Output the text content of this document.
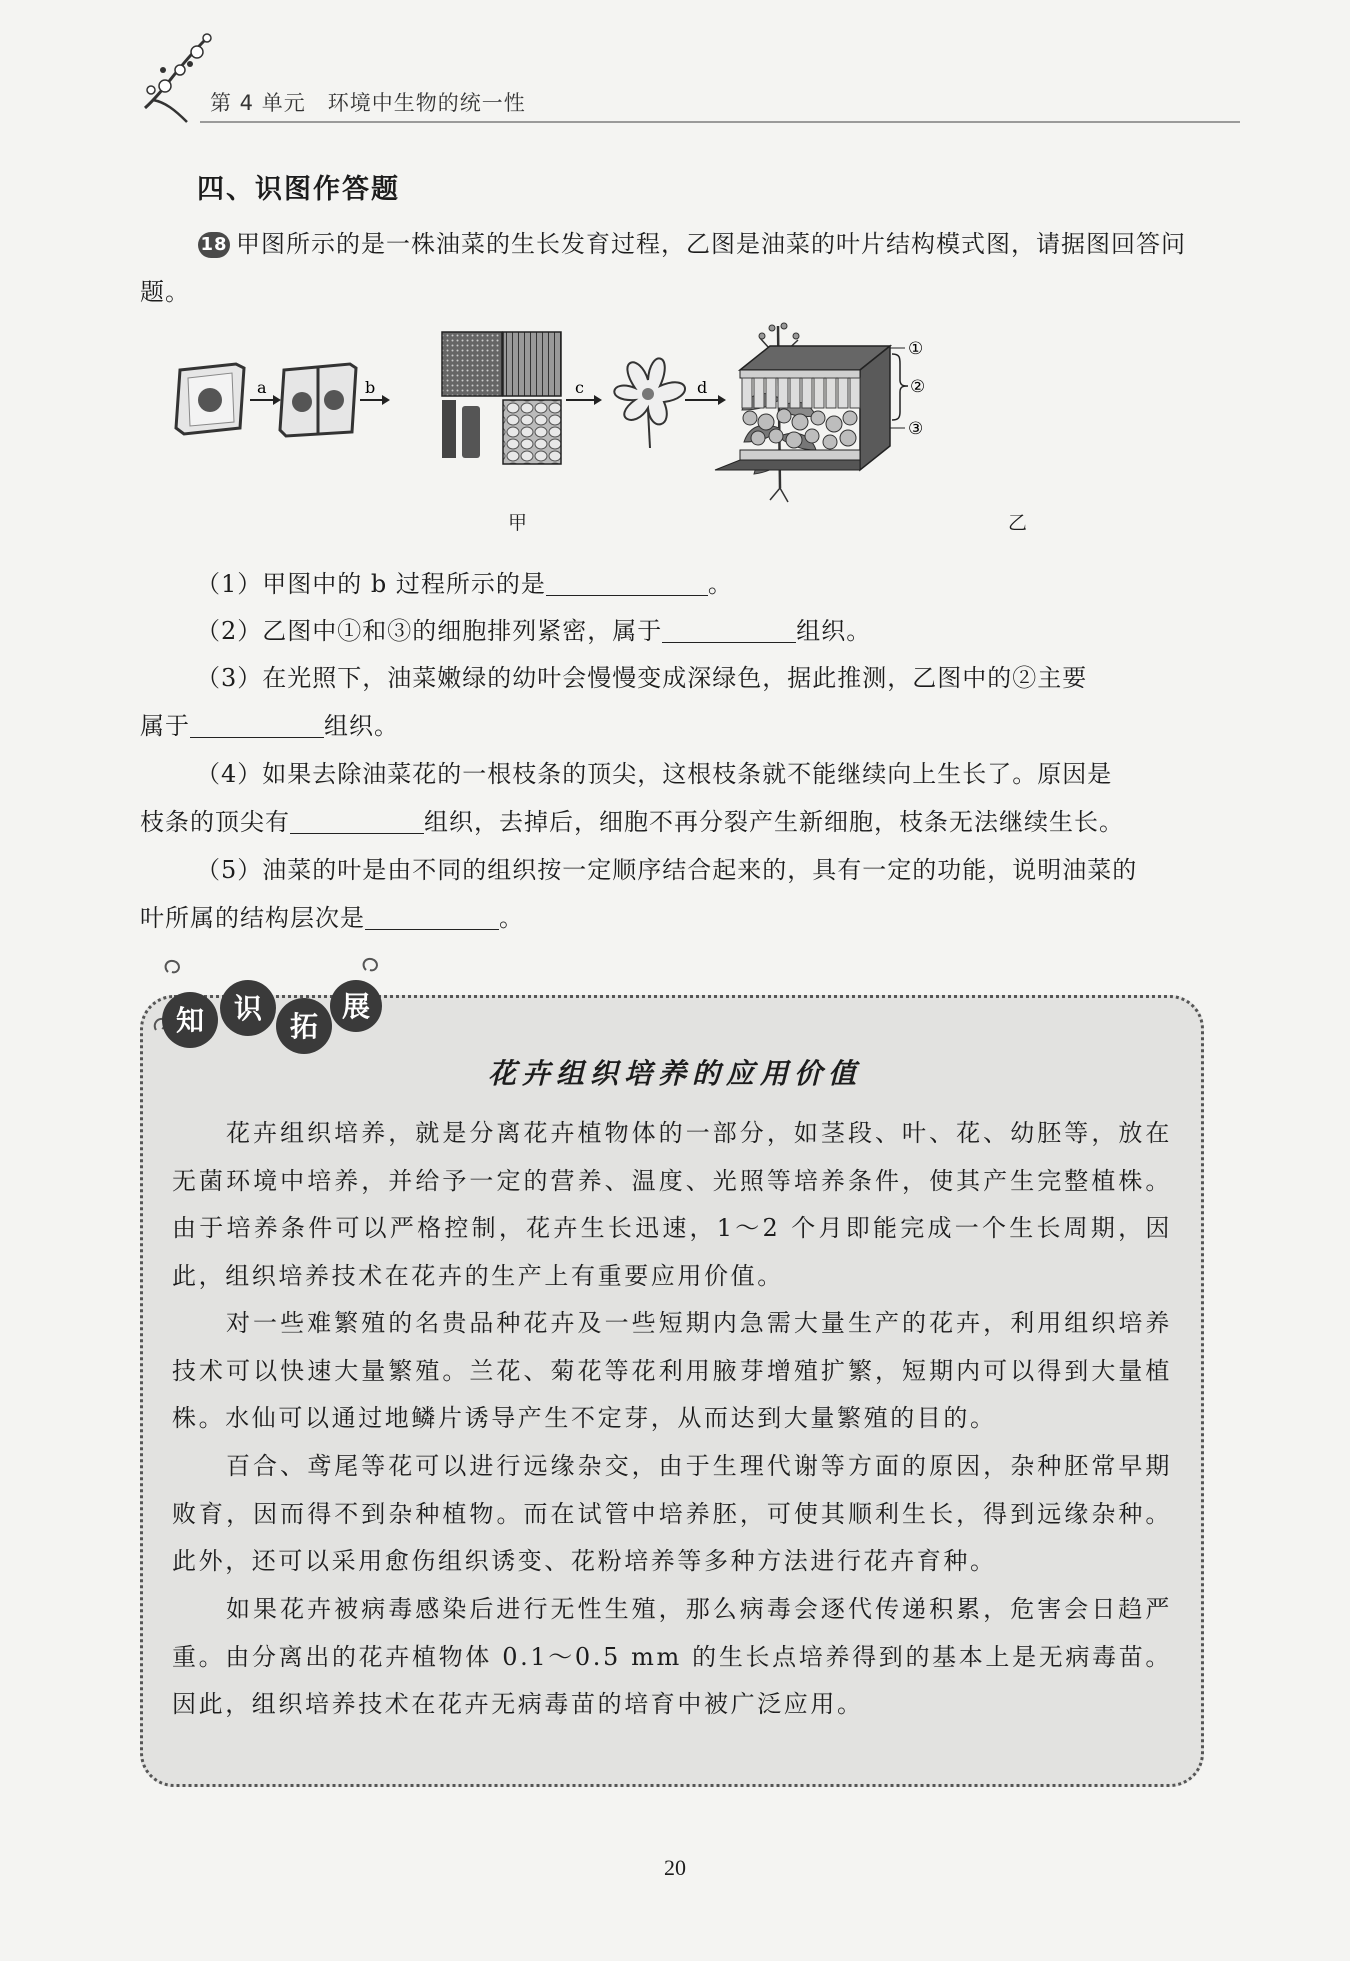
第 4 单元 环境中生物的统一性
四、识图作答题
18 甲图所示的是一株油菜的生长发育过程，乙图是油菜的叶片结构模式图，请据图回答问题。
a	b	c	d
①
②
③
甲	乙
（1）甲图中的 b 过程所示的是	。
（2）乙图中①和③的细胞排列紧密，属于	组织。
（3）在光照下，油菜嫩绿的幼叶会慢慢变成深绿色，据此推测，乙图中的②主要
属于	组织。
（4）如果去除油菜花的一根枝条的顶尖，这根枝条就不能继续向上生长了。原因是
枝条的顶尖有	组织，去掉后，细胞不再分裂产生新细胞，枝条无法继续生长。
（5）油菜的叶是由不同的组织按一定顺序结合起来的，具有一定的功能，说明油菜的
叶所属的结构层次是	。
知 识
拓
展
花卉组织培养的应用价值
花卉组织培养，就是分离花卉植物体的一部分，如茎段、叶、花、幼胚等，放在无菌环境中培养，并给予一定的营养、温度、光照等培养条件，使其产生完整植株。由于培养条件可以严格控制，花卉生长迅速，1～2 个月即能完成一个生长周期，因此，组织培养技术在花卉的生产上有重要应用价值。
对一些难繁殖的名贵品种花卉及一些短期内急需大量生产的花卉，利用组织培养技术可以快速大量繁殖。兰花、菊花等花利用腋芽增殖扩繁，短期内可以得到大量植株。水仙可以通过地鳞片诱导产生不定芽，从而达到大量繁殖的目的。
百合、鸢尾等花可以进行远缘杂交，由于生理代谢等方面的原因，杂种胚常早期败育，因而得不到杂种植物。而在试管中培养胚，可使其顺利生长，得到远缘杂种。此外，还可以采用愈伤组织诱变、花粉培养等多种方法进行花卉育种。
如果花卉被病毒感染后进行无性生殖，那么病毒会逐代传递积累，危害会日趋严重。由分离出的花卉植物体 0.1～0.5 mm 的生长点培养得到的基本上是无病毒苗。因此，组织培养技术在花卉无病毒苗的培育中被广泛应用。
20
